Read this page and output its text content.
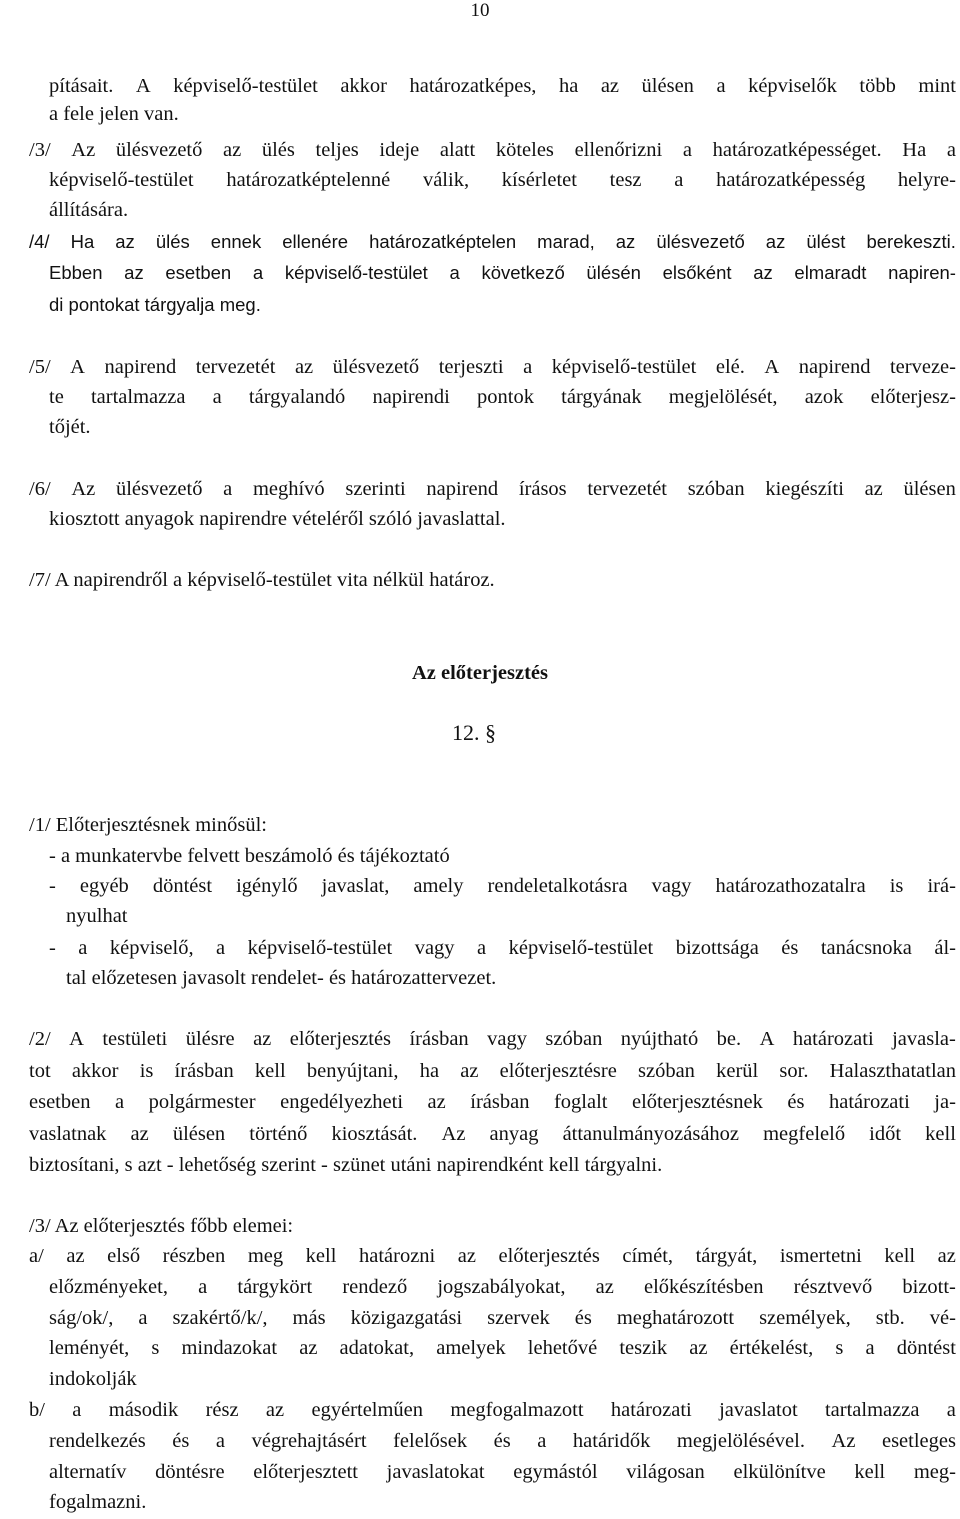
10
pításait. A képviselő-testület akkor határozatképes, ha az ülésen a képviselők több mint
a fele jelen van.
/3/ Az ülésvezető az ülés teljes ideje alatt köteles ellenőrizni a határozatképességet. Ha a
képviselő-testület határozatképtelenné válik, kísérletet tesz a határozatképesség helyre-
állítására.
/4/ Ha az ülés ennek ellenére határozatképtelen marad, az ülésvezető az ülést berekeszti.
Ebben az esetben a képviselő-testület a következő ülésén elsőként az elmaradt napiren-
di pontokat tárgyalja meg.
/5/ A napirend tervezetét az ülésvezető terjeszti a képviselő-testület elé. A napirend terveze-
te tartalmazza a tárgyalandó napirendi pontok tárgyának megjelölését, azok előterjesz-
tőjét.
/6/ Az ülésvezető a meghívó szerinti napirend írásos tervezetét szóban kiegészíti az ülésen
kiosztott anyagok napirendre vételéről szóló javaslattal.
/7/ A napirendről a képviselő-testület vita nélkül határoz.
Az előterjesztés
12. §
/1/ Előterjesztésnek minősül:
- a munkatervbe felvett beszámoló és tájékoztató
- egyéb döntést igénylő javaslat, amely rendeletalkotásra vagy határozathozatalra is irá-
nyulhat
- a képviselő, a képviselő-testület vagy a képviselő-testület bizottsága és tanácsnoka ál-
tal előzetesen javasolt rendelet- és határozattervezet.
/2/ A testületi ülésre az előterjesztés írásban vagy szóban nyújtható be. A határozati javasla-
tot akkor is írásban kell benyújtani, ha az előterjesztésre szóban kerül sor. Halaszthatatlan
esetben a polgármester engedélyezheti az írásban foglalt előterjesztésnek és határozati ja-
vaslatnak az ülésen történő kiosztását. Az anyag áttanulmányozásához megfelelő időt kell
biztosítani, s azt - lehetőség szerint - szünet utáni napirendként kell tárgyalni.
/3/ Az előterjesztés főbb elemei:
a/ az első részben meg kell határozni az előterjesztés címét, tárgyát, ismertetni kell az
előzményeket, a tárgykört rendező jogszabályokat, az előkészítésben résztvevő bizott-
ság/ok/, a szakértő/k/, más közigazgatási szervek és meghatározott személyek, stb. vé-
leményét, s mindazokat az adatokat, amelyek lehetővé teszik az értékelést, s a döntést
indokolják
b/ a második rész az egyértelműen megfogalmazott határozati javaslatot tartalmazza a
rendelkezés és a végrehajtásért felelősek és a határidők megjelölésével. Az esetleges
alternatív döntésre előterjesztett javaslatokat egymástól világosan elkülönítve kell meg-
fogalmazni.
